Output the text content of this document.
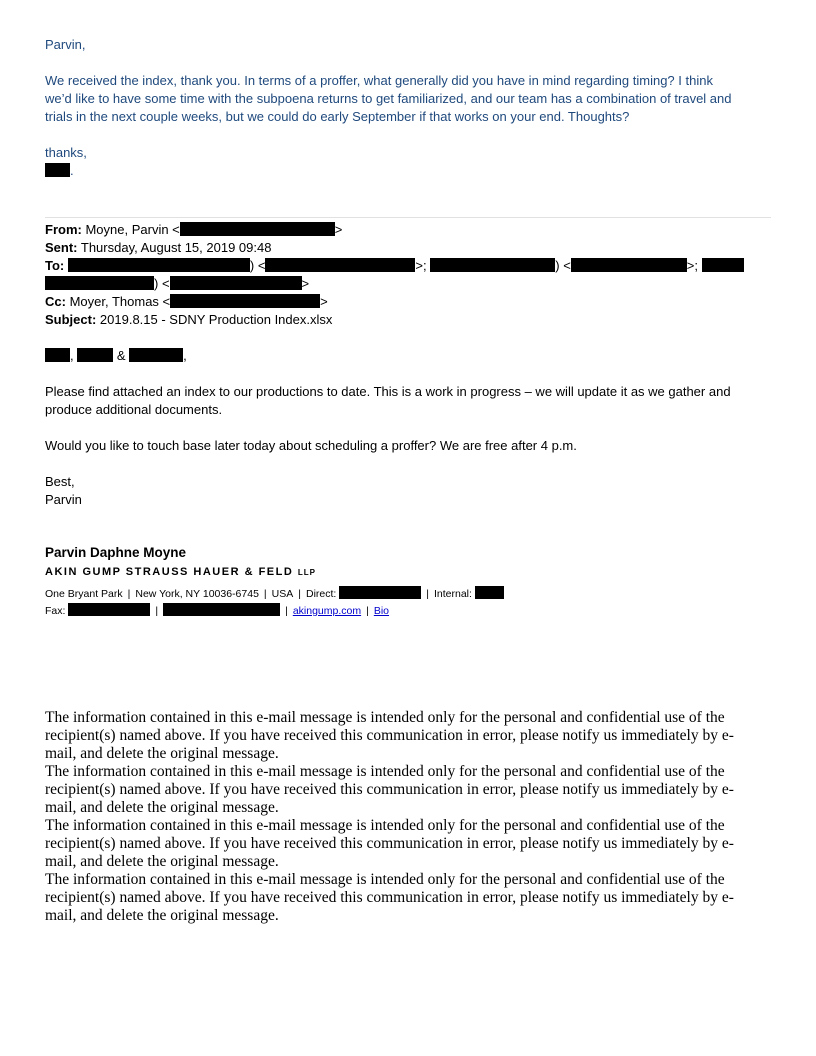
Parvin,
We received the index, thank you. In terms of a proffer, what generally did you have in mind regarding timing? I think
we’d like to have some time with the subpoena returns to get familiarized, and our team has a combination of travel and
trials in the next couple weeks, but we could do early September if that works on your end. Thoughts?
thanks,
.
From: Moyne, Parvin <	>
Sent: Thursday, August 15, 2019 09:48
To:	) <	>;	) <	>;
) <	>
Cc: Moyer, Thomas <	>
Subject: 2019.8.15 - SDNY Production Index.xlsx
,	&	,
Please find attached an index to our productions to date. This is a work in progress – we will update it as we gather and
produce additional documents.
Would you like to touch base later today about scheduling a proffer? We are free after 4 p.m.
Best,
Parvin
Parvin Daphne Moyne
AKIN GUMP STRAUSS HAUER & FELD LLP
One Bryant Park | New York, NY 10036-6745 | USA | Direct:	| Internal:
Fax:	|	| akingump.com | Bio

The information contained in this e-mail message is intended only for the personal and confidential use of the recipient(s) named above. If you have received this communication in error, please notify us immediately by e-mail, and delete the original message.

The information contained in this e-mail message is intended only for the personal and confidential use of the recipient(s) named above. If you have received this communication in error, please notify us immediately by e-mail, and delete the original message.

The information contained in this e-mail message is intended only for the personal and confidential use of the recipient(s) named above. If you have received this communication in error, please notify us immediately by e-mail, and delete the original message.

The information contained in this e-mail message is intended only for the personal and confidential use of the recipient(s) named above. If you have received this communication in error, please notify us immediately by e-mail, and delete the original message.
